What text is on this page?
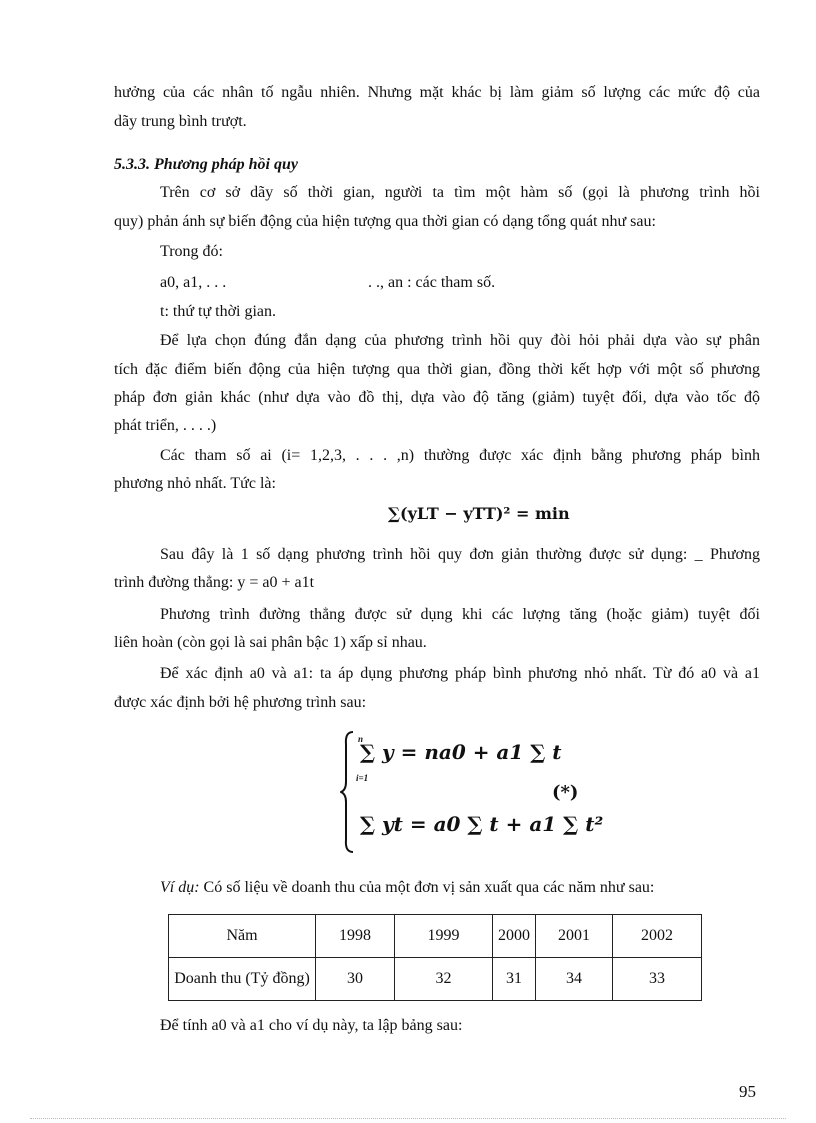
hưởng của các nhân tố ngẫu nhiên. Nhưng mặt khác bị làm giảm số lượng các mức độ của

dãy trung bình trượt.

5.3.3. Phương pháp hồi quy

Trên cơ sở dãy số thời gian, người ta tìm một hàm số (gọi là phương trình hồi

quy) phản ánh sự biến động của hiện tượng qua thời gian có dạng tổng quát như sau:

Trong đó:

a0, a1, . . .	. ., an : các tham số.

t: thứ tự thời gian.

Để lựa chọn đúng đắn dạng của phương trình hồi quy đòi hỏi phải dựa vào sự phân

tích đặc điểm biến động của hiện tượng qua thời gian, đồng thời kết hợp với một số phương

pháp đơn giản khác (như dựa vào đồ thị, dựa vào độ tăng (giảm) tuyệt đối, dựa vào tốc độ

phát triển, . . . .)

Các tham số ai (i= 1,2,3, . . . ,n) thường được xác định bằng phương pháp bình

phương nhỏ nhất. Tức là:

∑(yLT − yTT)² = min

Sau đây là 1 số dạng phương trình hồi quy đơn giản thường được sử dụng: _ Phương

trình đường thẳng: y = a0 + a1t

Phương trình đường thẳng được sử dụng khi các lượng tăng (hoặc giảm) tuyệt đối

liên hoàn (còn gọi là sai phân bậc 1) xấp sỉ nhau.

Để xác định a0 và a1: ta áp dụng phương pháp bình phương nhỏ nhất. Từ đó a0 và a1

được xác định bởi hệ phương trình sau:

∑ y = na0 + a1 ∑ t
∑ yt = a0 ∑ t + a1 ∑ t²
n
i=1
(*)

Ví dụ: Có số liệu về doanh thu của một đơn vị sản xuất qua các năm như sau:

Năm	1998	1999	2000	2001	2002
Doanh thu (Tỷ đồng)	30	32	31	34	33

Để tính a0 và a1 cho ví dụ này, ta lập bảng sau:

95
